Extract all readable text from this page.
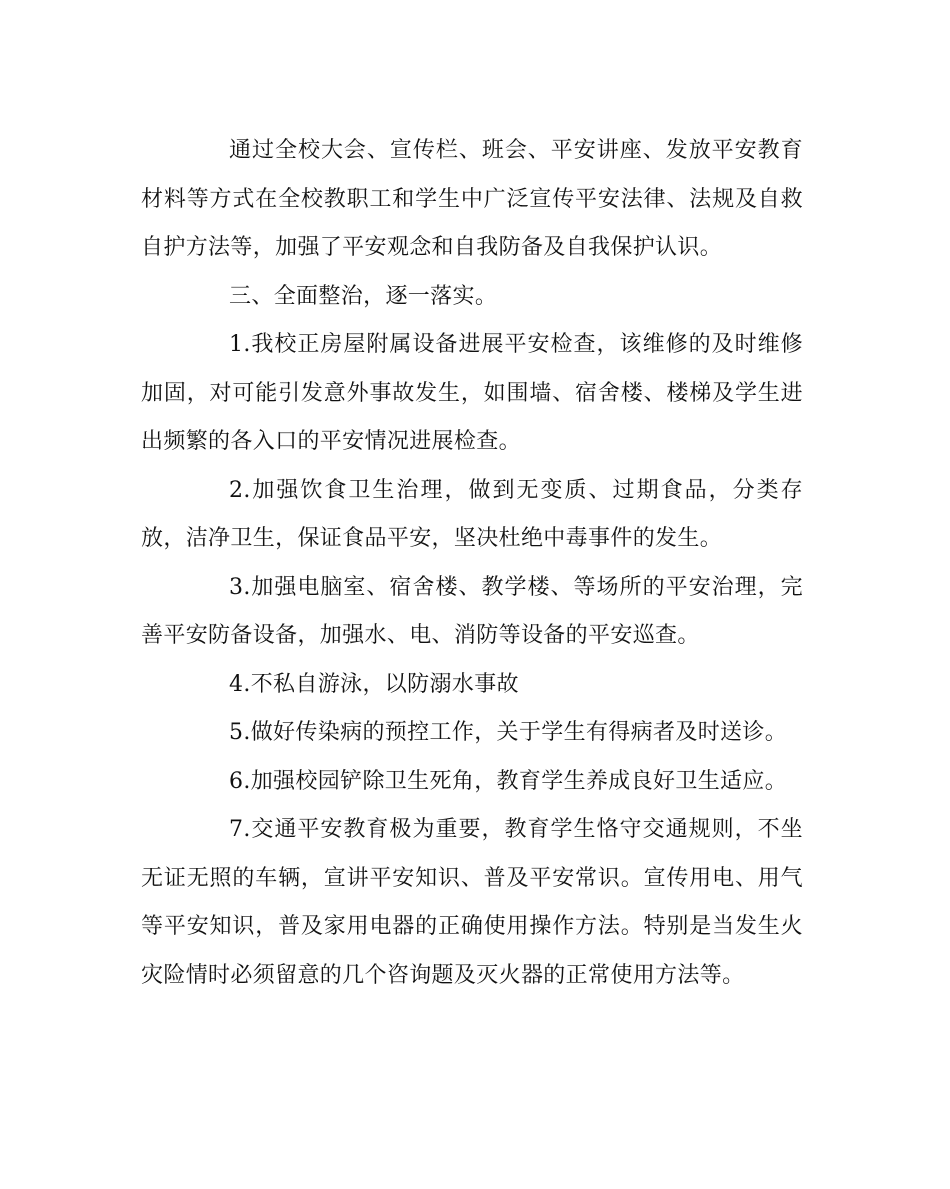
通过全校大会、宣传栏、班会、平安讲座、发放平安教育材料等方式在全校教职工和学生中广泛宣传平安法律、法规及自救自护方法等，加强了平安观念和自我防备及自我保护认识。

三、全面整治，逐一落实。

1.我校正房屋附属设备进展平安检查，该维修的及时维修加固，对可能引发意外事故发生，如围墙、宿舍楼、楼梯及学生进出频繁的各入口的平安情况进展检查。

2.加强饮食卫生治理，做到无变质、过期食品，分类存放，洁净卫生，保证食品平安，坚决杜绝中毒事件的发生。

3.加强电脑室、宿舍楼、教学楼、等场所的平安治理，完善平安防备设备，加强水、电、消防等设备的平安巡查。

4.不私自游泳，以防溺水事故

5.做好传染病的预控工作，关于学生有得病者及时送诊。

6.加强校园铲除卫生死角，教育学生养成良好卫生适应。

7.交通平安教育极为重要，教育学生恪守交通规则，不坐无证无照的车辆，宣讲平安知识、普及平安常识。宣传用电、用气等平安知识，普及家用电器的正确使用操作方法。特别是当发生火灾险情时必须留意的几个咨询题及灭火器的正常使用方法等。
